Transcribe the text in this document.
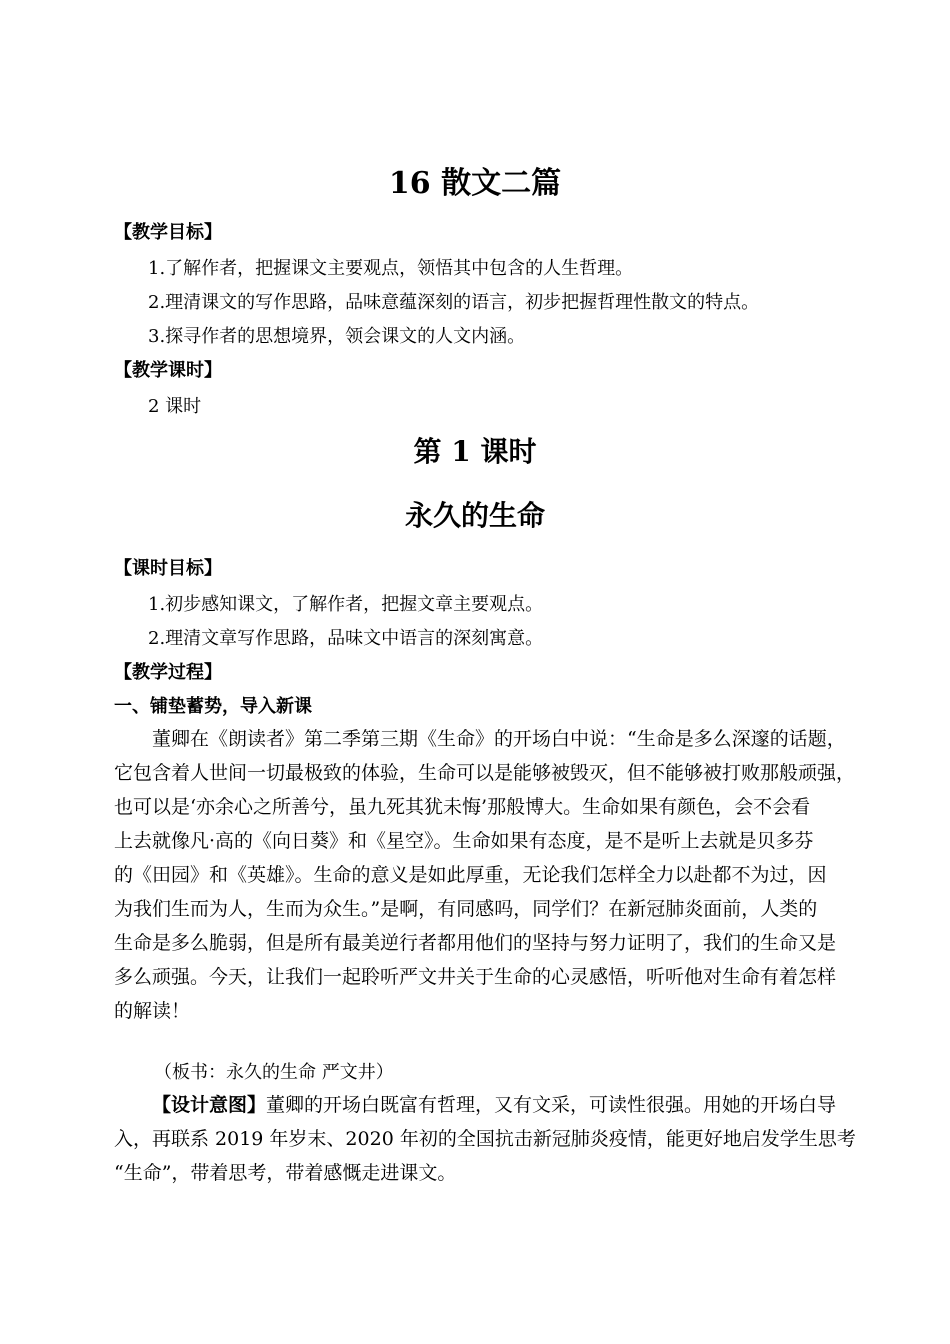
16 散文二篇
【教学目标】
1.了解作者，把握课文主要观点，领悟其中包含的人生哲理。
2.理清课文的写作思路，品味意蕴深刻的语言，初步把握哲理性散文的特点。
3.探寻作者的思想境界，领会课文的人文内涵。
【教学课时】
2 课时
第 1 课时
永久的生命
【课时目标】
1.初步感知课文，了解作者，把握文章主要观点。
2.理清文章写作思路，品味文中语言的深刻寓意。
【教学过程】
一、铺垫蓄势，导入新课
董卿在《朗读者》第二季第三期《生命》的开场白中说：“生命是多么深邃的话题，
它包含着人世间一切最极致的体验，生命可以是能够被毁灭，但不能够被打败那般顽强，
也可以是‘亦余心之所善兮，虽九死其犹未悔’那般博大。生命如果有颜色，会不会看
上去就像凡·高的《向日葵》和《星空》。生命如果有态度，是不是听上去就是贝多芬
的《田园》和《英雄》。生命的意义是如此厚重，无论我们怎样全力以赴都不为过，因
为我们生而为人，生而为众生。”是啊，有同感吗，同学们？在新冠肺炎面前，人类的
生命是多么脆弱，但是所有最美逆行者都用他们的坚持与努力证明了，我们的生命又是
多么顽强。今天，让我们一起聆听严文井关于生命的心灵感悟，听听他对生命有着怎样
的解读！
（板书：永久的生命 严文井）
【设计意图】董卿的开场白既富有哲理，又有文采，可读性很强。用她的开场白导
入，再联系 2019 年岁末、2020 年初的全国抗击新冠肺炎疫情，能更好地启发学生思考
“生命”，带着思考，带着感慨走进课文。
